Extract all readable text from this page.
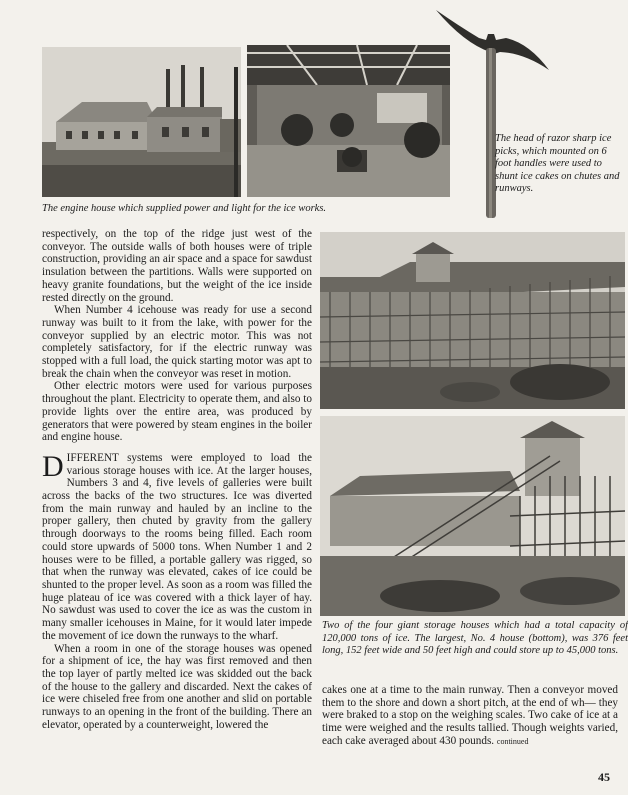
The engine house which supplied power and light for the ice works.

The head of razor sharp ice picks, which mounted on 6 foot handles were used to shunt ice cakes on chutes and runways.

Two of the four giant storage houses which had a total capacity of 120,000 tons of ice. The largest, No. 4 house (bottom), was 376 feet long, 152 feet wide and 50 feet high and could store up to 45,000 tons.

respectively, on the top of the ridge just west of the conveyor. The outside walls of both houses were of triple construction, providing an air space and a space for sawdust insulation between the partitions. Walls were supported on heavy granite foundations, but the weight of the ice inside rested directly on the ground.

When Number 4 icehouse was ready for use a second runway was built to it from the lake, with power for the conveyor supplied by an electric motor. This was not completely satisfactory, for if the electric runway was stopped with a full load, the quick starting motor was apt to break the chain when the conveyor was reset in motion.

Other electric motors were used for various purposes throughout the plant. Electricity to operate them, and also to provide lights over the entire area, was produced by generators that were powered by steam engines in the boiler and engine house.

DIFFERENT systems were employed to load the various storage houses with ice. At the larger houses, Numbers 3 and 4, five levels of galleries were built across the backs of the two structures. Ice was diverted from the main runway and hauled by an incline to the proper gallery, then chuted by gravity from the gallery through doorways to the rooms being filled. Each room could store upwards of 5000 tons. When Number 1 and 2 houses were to be filled, a portable gallery was rigged, so that when the runway was elevated, cakes of ice could be shunted to the proper level. As soon as a room was filled the huge plateau of ice was covered with a thick layer of hay. No sawdust was used to cover the ice as was the custom in many smaller icehouses in Maine, for it would later impede the movement of ice down the runways to the wharf.

When a room in one of the storage houses was opened for a shipment of ice, the hay was first removed and then the top layer of partly melted ice was skidded out the back of the house to the gallery and discarded. Next the cakes of ice were chiseled free from one another and slid on portable runways to an opening in the front of the building. There an elevator, operated by a counterweight, lowered the

cakes one at a time to the main runway. Then a conveyor moved them to the shore and down a short pitch, at the end of wh— they were braked to a stop on the weighing scales. Two cake of ice at a time were weighed and the results tallied. Though weights varied, each cake averaged about 430 pounds. continued

45
